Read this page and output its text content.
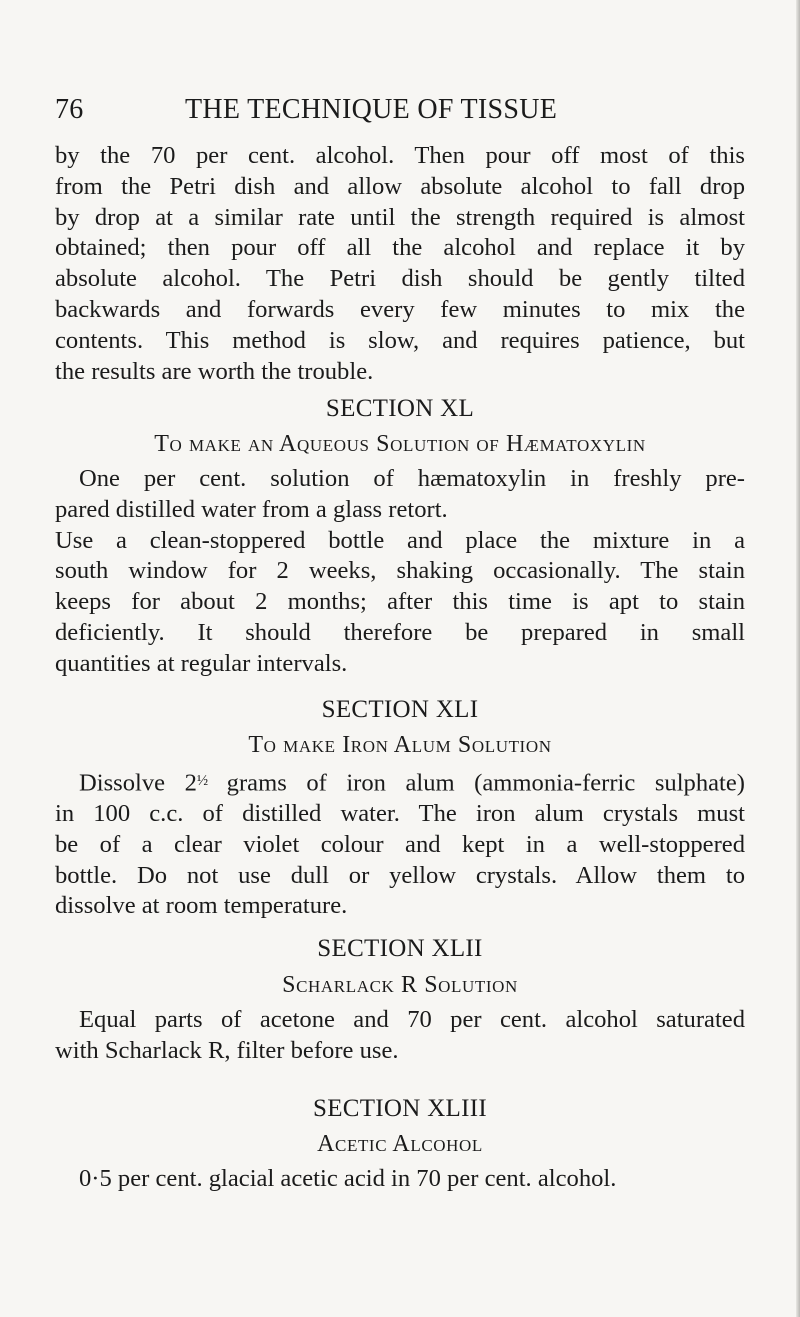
76	THE TECHNIQUE OF TISSUE
by the 70 per cent. alcohol. Then pour off most of this
from the Petri dish and allow absolute alcohol to fall drop
by drop at a similar rate until the strength required is almost
obtained; then pour off all the alcohol and replace it by
absolute alcohol. The Petri dish should be gently tilted
backwards and forwards every few minutes to mix the
contents. This method is slow, and requires patience, but
the results are worth the trouble.
SECTION XL
To make an Aqueous Solution of Hæmatoxylin
One per cent. solution of hæmatoxylin in freshly pre-
pared distilled water from a glass retort.
Use a clean-stoppered bottle and place the mixture in a
south window for 2 weeks, shaking occasionally. The stain
keeps for about 2 months; after this time is apt to stain
deficiently. It should therefore be prepared in small
quantities at regular intervals.
SECTION XLI
To make Iron Alum Solution
Dissolve $2^{\frac{1}{2}}$ grams of iron alum (ammonia-ferric sulphate)
in 100 c.c. of distilled water. The iron alum crystals must
be of a clear violet colour and kept in a well-stoppered
bottle. Do not use dull or yellow crystals. Allow them to
dissolve at room temperature.
SECTION XLII
Scharlack R Solution
Equal parts of acetone and 70 per cent. alcohol saturated
with Scharlack R, filter before use.
SECTION XLIII
Acetic Alcohol
0·5 per cent. glacial acetic acid in 70 per cent. alcohol.
